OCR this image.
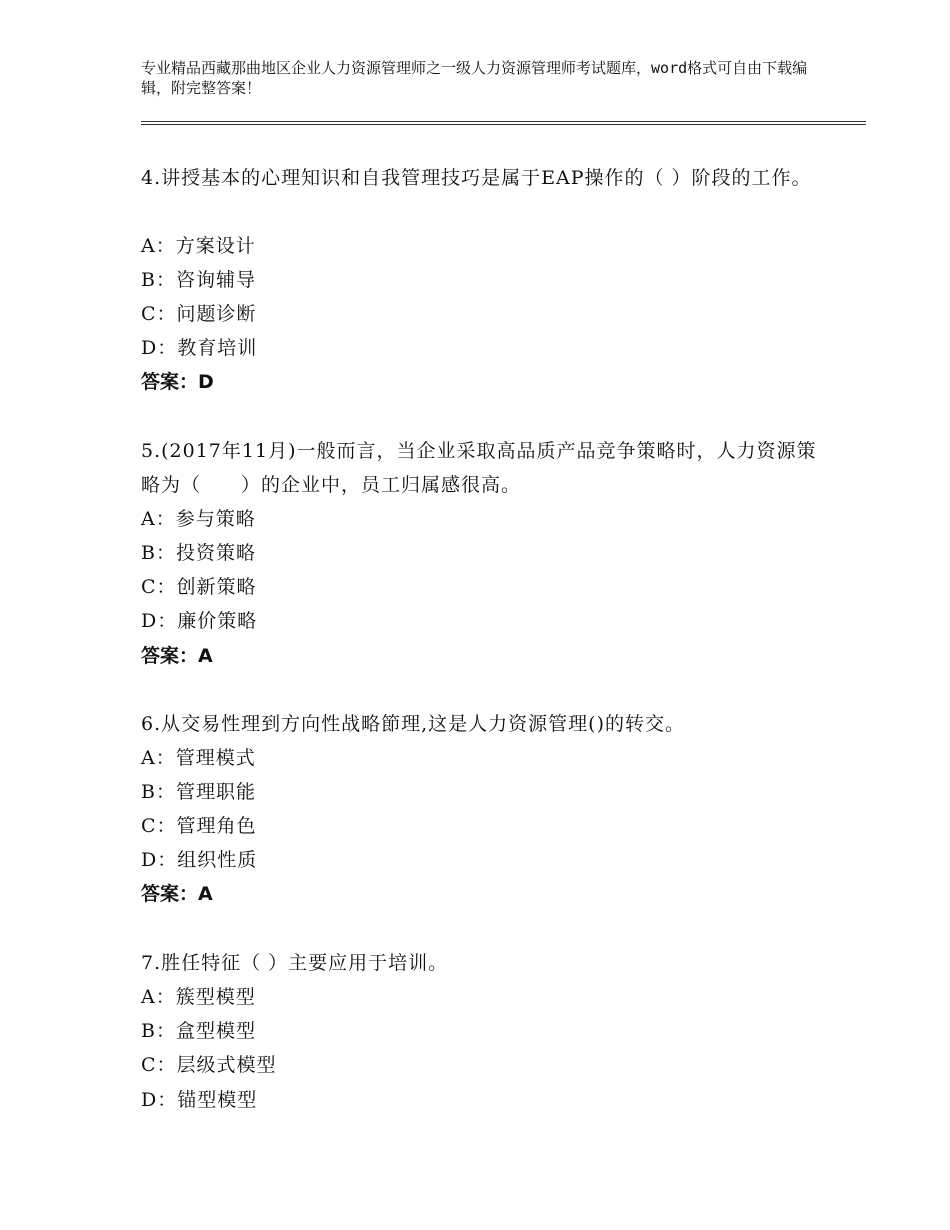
专业精品西藏那曲地区企业人力资源管理师之一级人力资源管理师考试题库，word格式可自由下载编辑，附完整答案！
4.讲授基本的心理知识和自我管理技巧是属于EAP操作的（ ）阶段的工作。
A：方案设计
B：咨询辅导
C：问题诊断
D：教育培训
答案：D
5.(2017年11月)一般而言，当企业采取高品质产品竞争策略时，人力资源策略为（　　）的企业中，员工归属感很高。
A：参与策略
B：投资策略
C：创新策略
D：廉价策略
答案：A
6.从交易性理到方向性战略節理,这是人力资源管理()的转交。
A：管理模式
B：管理职能
C：管理角色
D：组织性质
答案：A
7.胜任特征（ ）主要应用于培训。
A：簇型模型
B：盒型模型
C：层级式模型
D：锚型模型
